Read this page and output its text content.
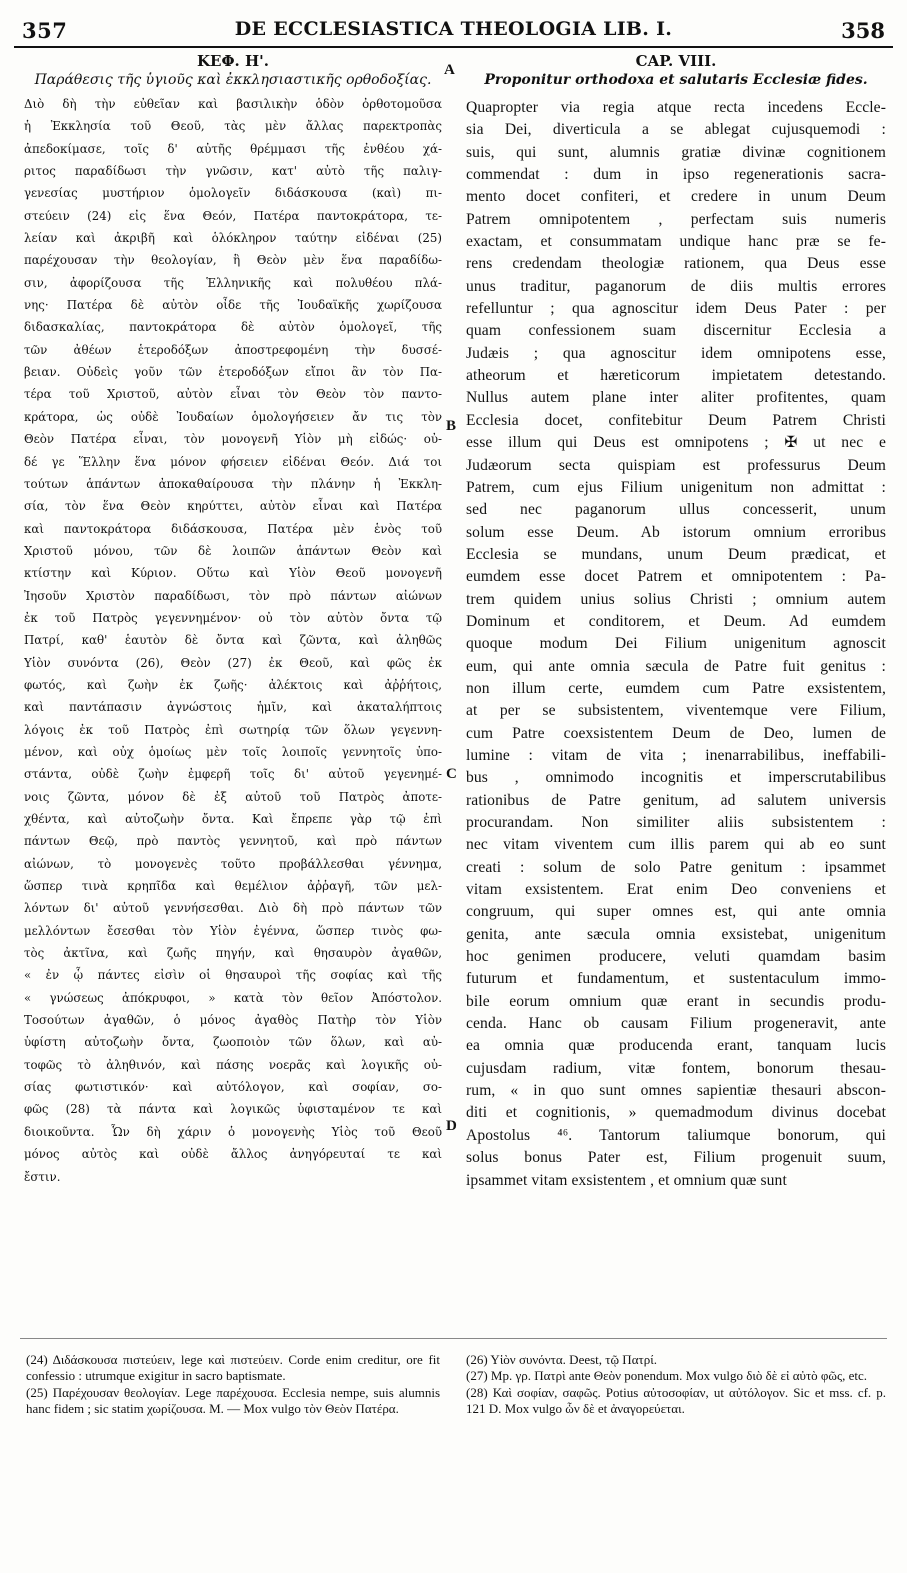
357	DE ECCLESIASTICA THEOLOGIA LIB. I.	358
A
B
C
D
ΚΕΦ. Η'.

Παράθεσις τῆς ὑγιοῦς καὶ ἐκκλησιαστικῆς ορθοδοξίας.

Διὸ δὴ τὴν εὐθεῖαν καὶ βασιλικὴν ὁδὸν ὀρθοτομοῦσα
ἡ Ἐκκλησία τοῦ Θεοῦ, τὰς μὲν ἄλλας παρεκτροπὰς
ἀπεδοκίμασε, τοῖς δ' αὐτῆς θρέμμασι τῆς ἐνθέου χά-
ριτος παραδίδωσι τὴν γνῶσιν, κατ' αὐτὸ τῆς παλιγ-
γενεσίας μυστήριον ὁμολογεῖν διδάσκουσα (καὶ) πι-
στεύειν (24) εἰς ἕνα Θεόν, Πατέρα παντοκράτορα, τε-
λείαν καὶ ἀκριβῆ καὶ ὁλόκληρον ταύτην εἰδέναι (25)
παρέχουσαν τὴν θεολογίαν, ἣ Θεὸν μὲν ἕνα παραδίδω-
σιν, ἀφορίζουσα τῆς Ἑλληνικῆς καὶ πολυθέου πλά-
νης· Πατέρα δὲ αὐτὸν οἶδε τῆς Ἰουδαϊκῆς χωρίζουσα
διδασκαλίας, παντοκράτορα δὲ αὐτὸν ὁμολογεῖ, τῆς
τῶν ἀθέων ἑτεροδόξων ἀποστρεφομένη τὴν δυσσέ-
βειαν. Οὐδεὶς γοῦν τῶν ἑτεροδόξων εἴποι ἂν τὸν Πα-
τέρα τοῦ Χριστοῦ, αὐτὸν εἶναι τὸν Θεὸν τὸν παντο-
κράτορα, ὡς οὐδὲ Ἰουδαίων ὁμολογήσειεν ἄν τις τὸν
Θεὸν Πατέρα εἶναι, τὸν μονογενῆ Υἱὸν μὴ εἰδώς· οὐ-
δέ γε Ἕλλην ἕνα μόνον φήσειεν εἰδέναι Θεόν. Διά τοι
τούτων ἁπάντων ἀποκαθαίρουσα τὴν πλάνην ἡ Ἐκκλη-
σία, τὸν ἕνα Θεὸν κηρύττει, αὐτὸν εἶναι καὶ Πατέρα
καὶ παντοκράτορα διδάσκουσα, Πατέρα μὲν ἑνὸς τοῦ
Χριστοῦ μόνου, τῶν δὲ λοιπῶν ἁπάντων Θεὸν καὶ
κτίστην καὶ Κύριον. Οὕτω καὶ Υἱὸν Θεοῦ μονογενῆ
Ἰησοῦν Χριστὸν παραδίδωσι, τὸν πρὸ πάντων αἰώνων
ἐκ τοῦ Πατρὸς γεγεννημένον· οὐ τὸν αὐτὸν ὄντα τῷ
Πατρί, καθ' ἑαυτὸν δὲ ὄντα καὶ ζῶντα, καὶ ἀληθῶς
Υἱὸν συνόντα (26), Θεὸν (27) ἐκ Θεοῦ, καὶ φῶς ἐκ
φωτός, καὶ ζωὴν ἐκ ζωῆς· ἀλέκτοις καὶ ἀῤῥήτοις,
καὶ παντάπασιν ἀγνώστοις ἡμῖν, καὶ ἀκαταλήπτοις
λόγοις ἐκ τοῦ Πατρὸς ἐπὶ σωτηρίᾳ τῶν ὅλων γεγεννη-
μένον, καὶ οὐχ ὁμοίως μὲν τοῖς λοιποῖς γεννητοῖς ὑπο-
στάντα, οὐδὲ ζωὴν ἐμφερῆ τοῖς δι' αὐτοῦ γεγενημέ-
νοις ζῶντα, μόνον δὲ ἐξ αὐτοῦ τοῦ Πατρὸς ἀποτε-
χθέντα, καὶ αὐτοζωὴν ὄντα. Καὶ ἔπρεπε γὰρ τῷ ἐπὶ
πάντων Θεῷ, πρὸ παντὸς γεννητοῦ, καὶ πρὸ πάντων
αἰώνων, τὸ μονογενὲς τοῦτο προβάλλεσθαι γέννημα,
ὥσπερ τινὰ κρηπῖδα καὶ θεμέλιον ἀῤῥαγῆ, τῶν μελ-
λόντων δι' αὐτοῦ γεννήσεσθαι. Διὸ δὴ πρὸ πάντων τῶν
μελλόντων ἔσεσθαι τὸν Υἱὸν ἐγέννα, ὥσπερ τινὸς φω-
τὸς ἀκτῖνα, καὶ ζωῆς πηγήν, καὶ θησαυρὸν ἀγαθῶν,
« ἐν ᾧ πάντες εἰσὶν οἱ θησαυροὶ τῆς σοφίας καὶ τῆς
« γνώσεως ἀπόκρυφοι, » κατὰ τὸν θεῖον Ἀπόστολον.
Τοσούτων ἀγαθῶν, ὁ μόνος ἀγαθὸς Πατὴρ τὸν Υἱὸν
ὑφίστη αὐτοζωὴν ὄντα, ζωοποιὸν τῶν ὅλων, καὶ αὐ-
τοφῶς τὸ ἀληθινόν, καὶ πάσης νοερᾶς καὶ λογικῆς οὐ-
σίας φωτιστικόν· καὶ αὐτόλογον, καὶ σοφίαν, σο-
φῶς (28) τὰ πάντα καὶ λογικῶς ὑφισταμένον τε καὶ
διοικοῦντα. Ὧν δὴ χάριν ὁ μονογενὴς Υἱὸς τοῦ Θεοῦ
μόνος αὐτὸς καὶ οὐδὲ ἄλλος ἀνηγόρευταί τε καὶ
ἔστιν.
CAP. VIII.

Proponitur orthodoxa et salutaris Ecclesiæ fides.

Quapropter via regia atque recta incedens Eccle-
sia Dei, diverticula a se ablegat cujusquemodi :
suis, qui sunt, alumnis gratiæ divinæ cognitionem
commendat : dum in ipso regenerationis sacra-
mento docet confiteri, et credere in unum Deum
Patrem omnipotentem , perfectam suis numeris
exactam, et consummatam undique hanc præ se fe-
rens credendam theologiæ rationem, qua Deus esse
unus traditur, paganorum de diis multis errores
refelluntur ; qua agnoscitur idem Deus Pater : per
quam confessionem suam discernitur Ecclesia a
Judæis ; qua agnoscitur idem omnipotens esse,
atheorum et hæreticorum impietatem detestando.
Nullus autem plane inter aliter profitentes, quam
Ecclesia docet, confitebitur Deum Patrem Christi
esse illum qui Deus est omnipotens ; ✠ ut nec e
Judæorum secta quispiam est professurus Deum
Patrem, cum ejus Filium unigenitum non admittat :
sed nec paganorum ullus concesserit, unum
solum esse Deum. Ab istorum omnium erroribus
Ecclesia se mundans, unum Deum prædicat, et
eumdem esse docet Patrem et omnipotentem : Pa-
trem quidem unius solius Christi ; omnium autem
Dominum et conditorem, et Deum. Ad eumdem
quoque modum Dei Filium unigenitum agnoscit
eum, qui ante omnia sæcula de Patre fuit genitus :
non illum certe, eumdem cum Patre exsistentem,
at per se subsistentem, viventemque vere Filium,
cum Patre coexsistentem Deum de Deo, lumen de
lumine : vitam de vita ; inenarrabilibus, ineffabili-
bus , omnimodo incognitis et imperscrutabilibus
rationibus de Patre genitum, ad salutem universis
procurandam. Non similiter aliis subsistentem :
nec vitam viventem cum illis parem qui ab eo sunt
creati : solum de solo Patre genitum : ipsammet
vitam exsistentem. Erat enim Deo conveniens et
congruum, qui super omnes est, qui ante omnia
genita, ante sæcula omnia exsistebat, unigenitum
hoc genimen producere, veluti quamdam basim
futurum et fundamentum, et sustentaculum immo-
bile eorum omnium quæ erant in secundis produ-
cenda. Hanc ob causam Filium progeneravit, ante
ea omnia quæ producenda erant, tanquam lucis
cujusdam radium, vitæ fontem, bonorum thesau-
rum, « in quo sunt omnes sapientiæ thesauri abscon-
diti et cognitionis, » quemadmodum divinus docebat
Apostolus ⁴⁶. Tantorum taliumque bonorum, qui
solus bonus Pater est, Filium progenuit suum,
ipsammet vitam exsistentem , et omnium quæ sunt

(24) Διδάσκουσα πιστεύειν, lege καὶ πιστεύειν. Corde enim creditur, ore fit confessio : utrumque exigitur in sacro baptismate.

(25) Παρέχουσαν θεολογίαν. Lege παρέχουσα. Ecclesia nempe, suis alumnis hanc fidem ; sic statim χωρίζουσα. M. — Mox vulgo τὸν Θεὸν Πατέρα.

(26) Υἱὸν συνόντα. Deest, τῷ Πατρί.

(27) Mp. γρ. Πατρὶ ante Θεὸν ponendum. Mox vulgo διὸ δὲ εἰ αὐτὸ φῶς, etc.

(28) Καὶ σοφίαν, σαφῶς. Potius αὐτοσοφίαν, ut αὐτόλογον. Sic et mss. cf. p. 121 D. Mox vulgo ὧν δὲ et ἀναγορεύεται.
